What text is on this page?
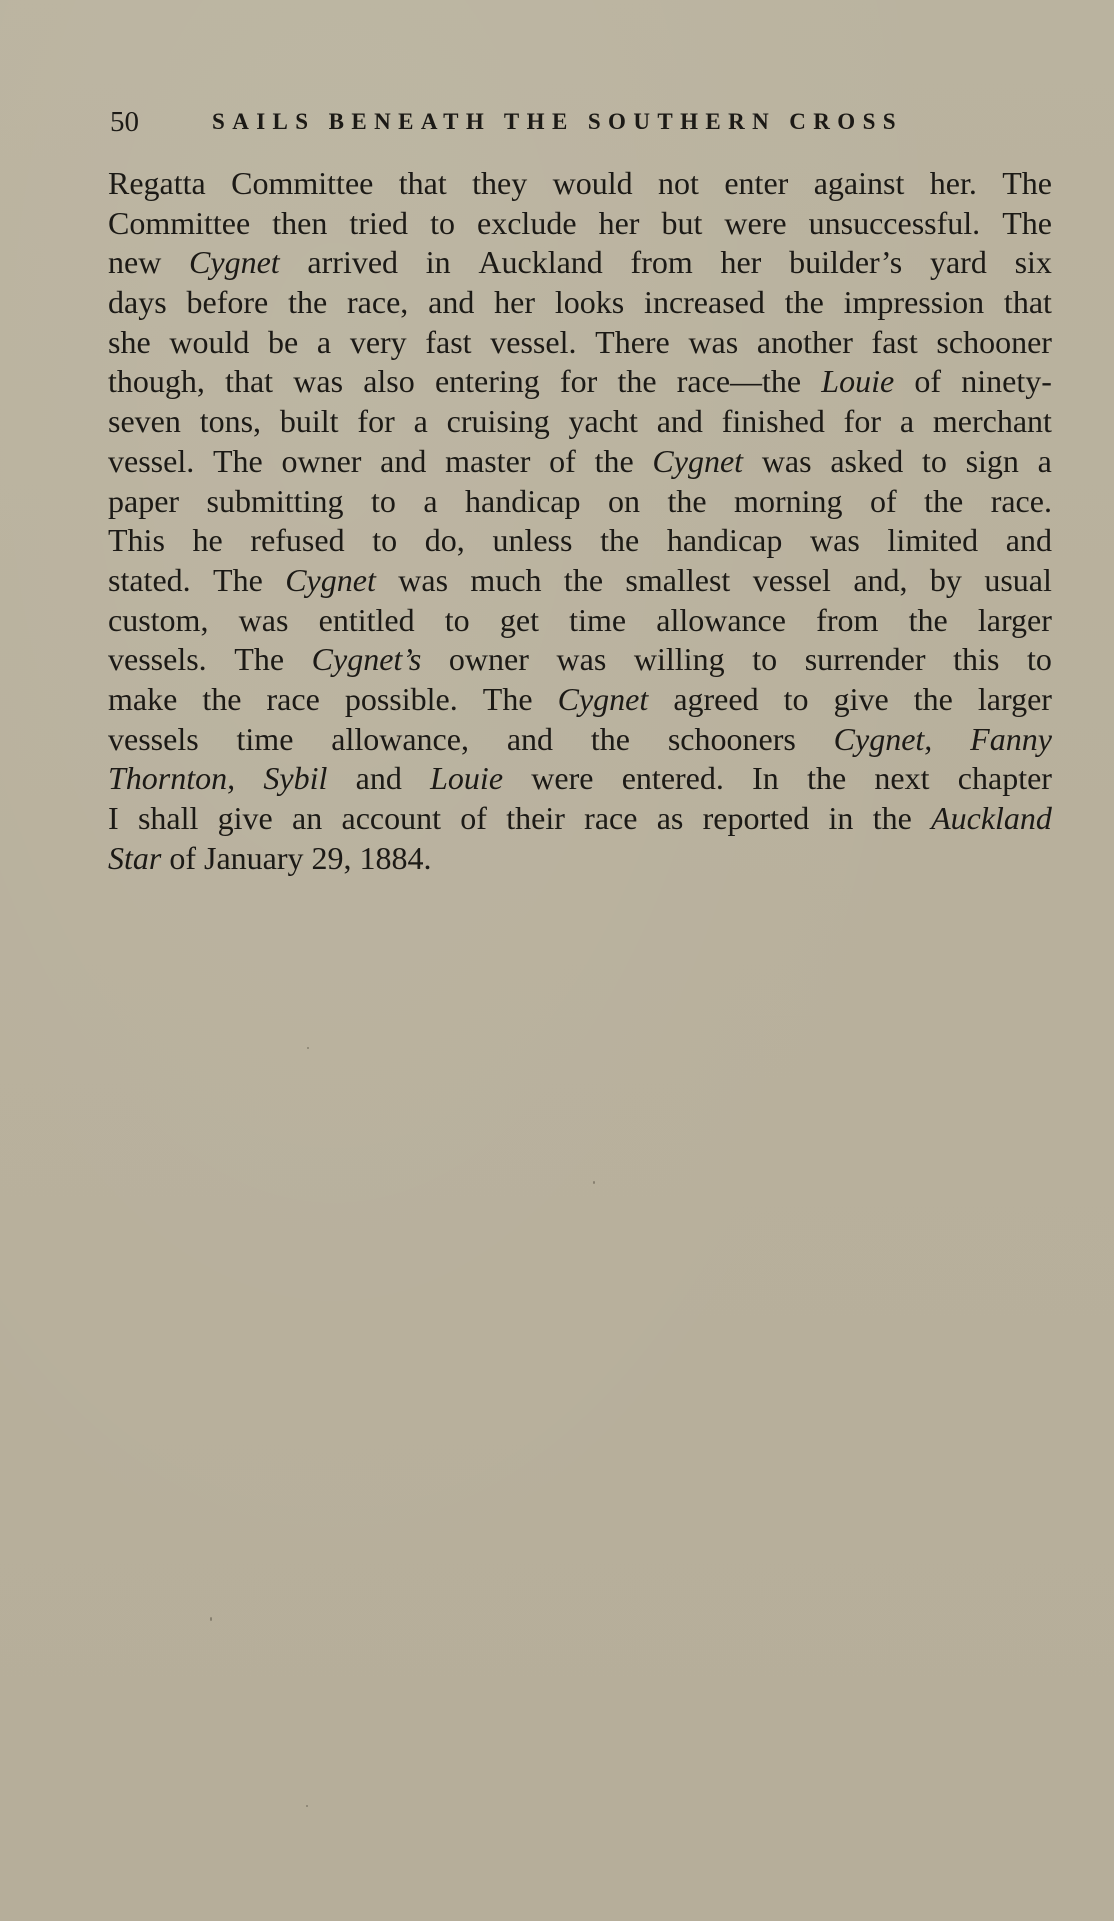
50	SAILS BENEATH THE SOUTHERN CROSS
Regatta Committee that they would not enter against her. The
Committee then tried to exclude her but were unsuccessful. The
new Cygnet arrived in Auckland from her builder’s yard six
days before the race, and her looks increased the impression that
she would be a very fast vessel. There was another fast schooner
though, that was also entering for the race—the Louie of ninety-
seven tons, built for a cruising yacht and finished for a merchant
vessel. The owner and master of the Cygnet was asked to sign a
paper submitting to a handicap on the morning of the race.
This he refused to do, unless the handicap was limited and
stated. The Cygnet was much the smallest vessel and, by usual
custom, was entitled to get time allowance from the larger
vessels. The Cygnet’s owner was willing to surrender this to
make the race possible. The Cygnet agreed to give the larger
vessels time allowance, and the schooners Cygnet, Fanny
Thornton, Sybil and Louie were entered. In the next chapter
I shall give an account of their race as reported in the Auckland
Star of January 29, 1884.
